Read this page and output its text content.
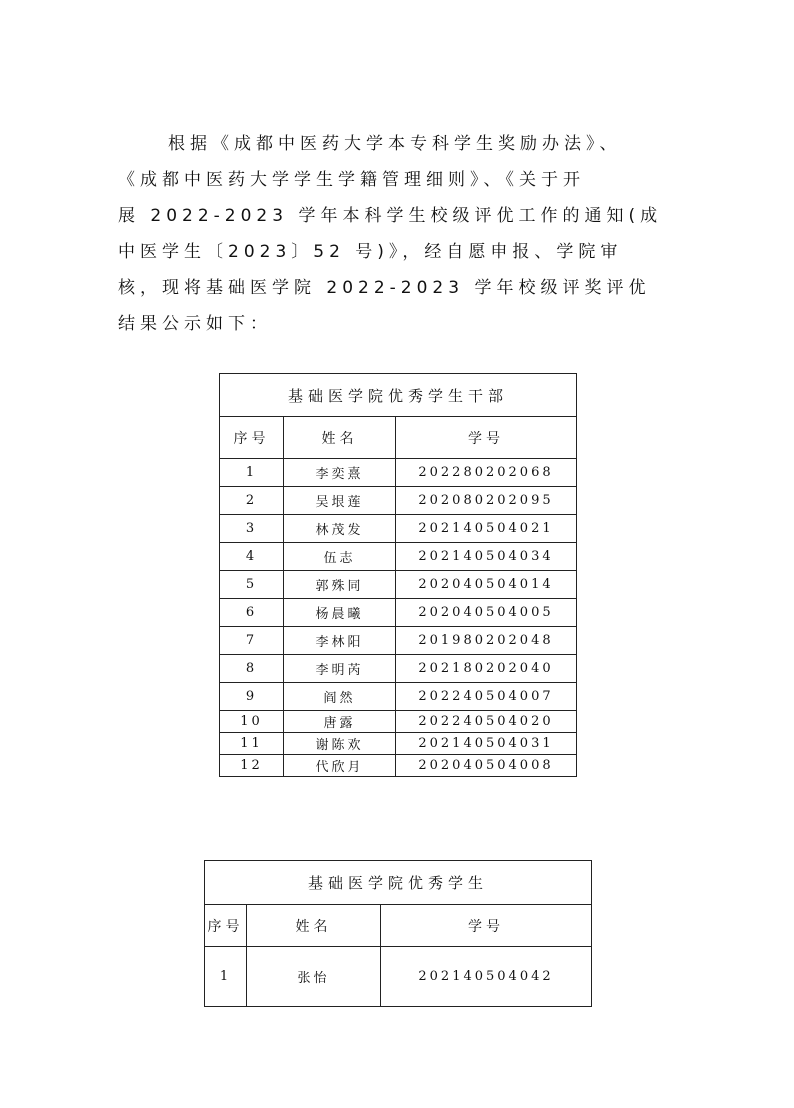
根据《成都中医药大学本专科学生奖励办法》、
《成都中医药大学学生学籍管理细则》、《关于开
展 2022-2023 学年本科学生校级评优工作的通知(成
中医学生〔2023〕52 号)》，经自愿申报、学院审
核，现将基础医学院 2022-2023 学年校级评奖评优
结果公示如下：
基础医学院优秀学生干部		
序号	姓名	学号
1	李奕熹	202280202068
2	吴垠莲	202080202095
3	林茂发	202140504021
4	伍志	202140504034
5	郭殊同	202040504014
6	杨晨曦	202040504005
7	李林阳	201980202048
8	李明芮	202180202040
9	阎然	202240504007
10	唐露	202240504020
11	谢陈欢	202140504031
12	代欣月	202040504008
基础医学院优秀学生		
序号	姓名	学号
1	张怡	202140504042
